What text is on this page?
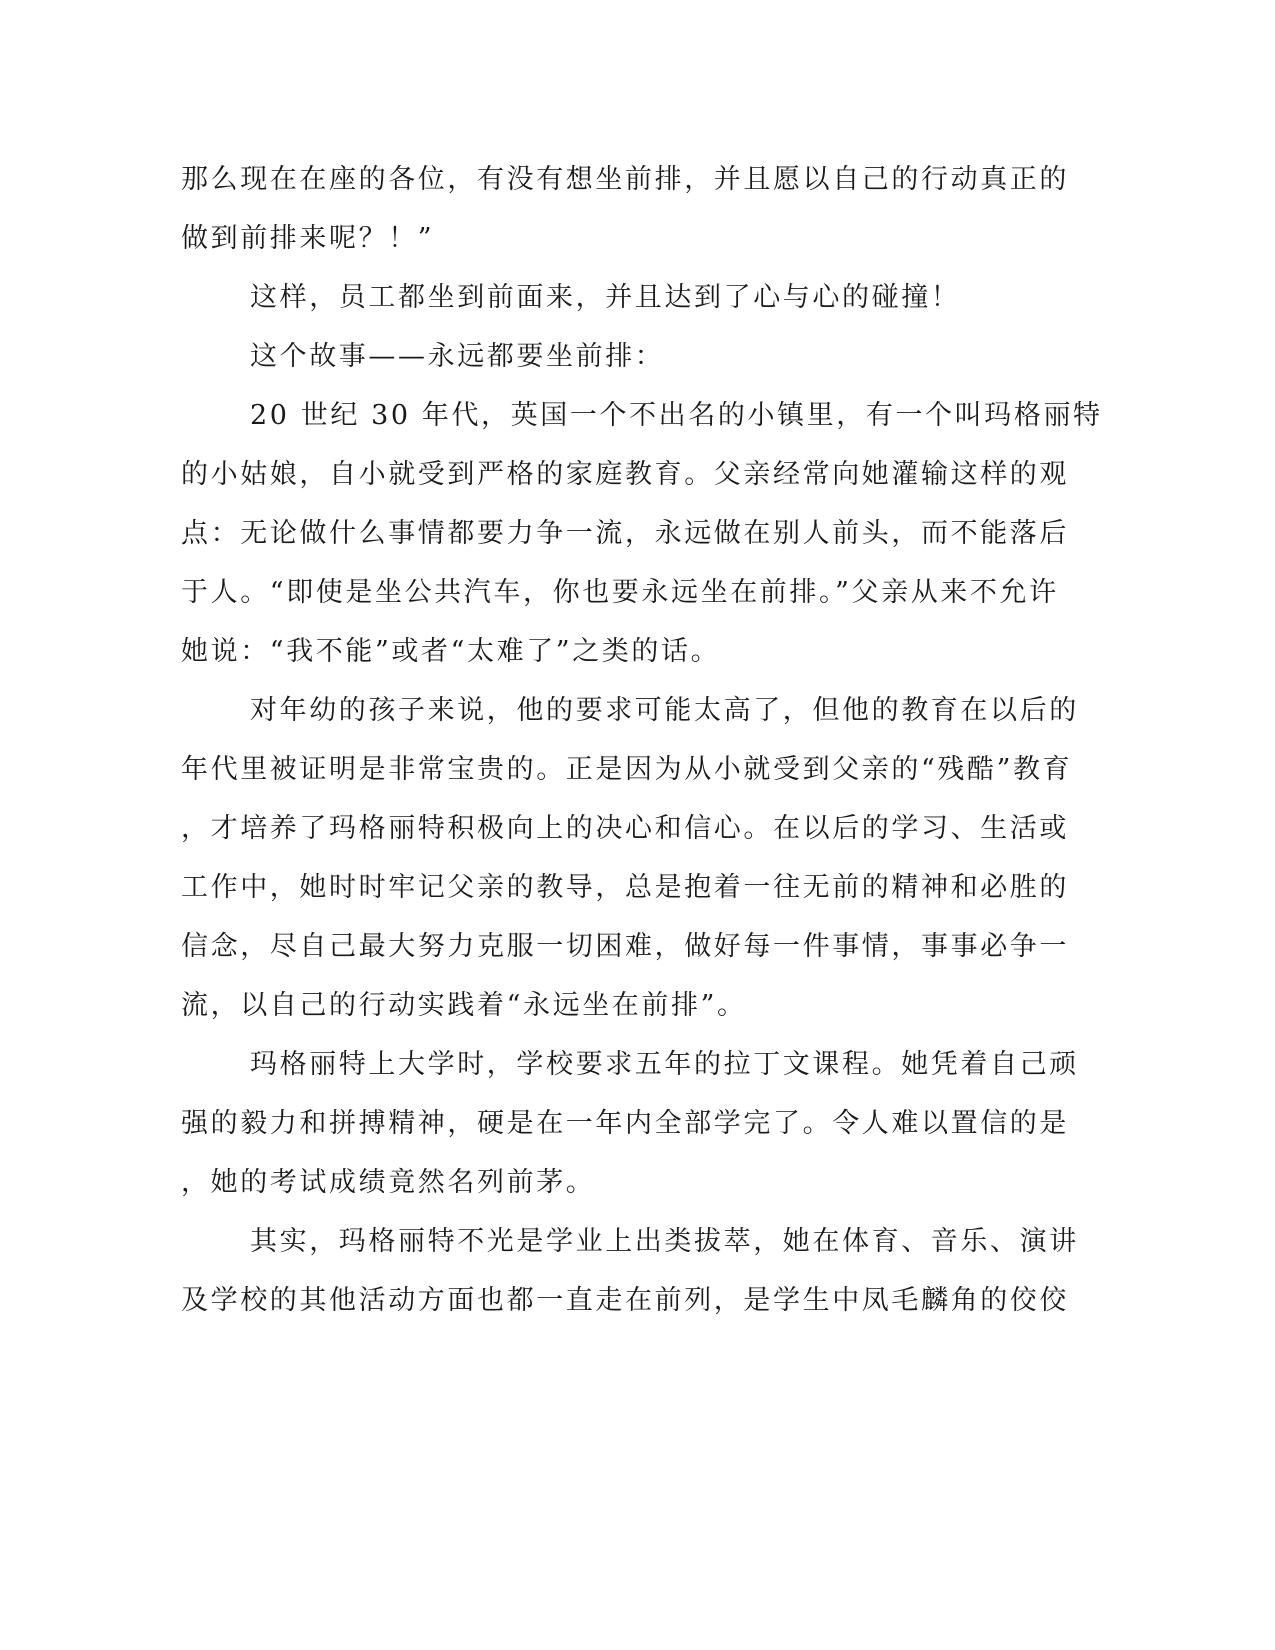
那么现在在座的各位，有没有想坐前排，并且愿以自己的行动真正的
做到前排来呢？！”
这样，员工都坐到前面来，并且达到了心与心的碰撞！
这个故事——永远都要坐前排：
20 世纪 30 年代，英国一个不出名的小镇里，有一个叫玛格丽特
的小姑娘，自小就受到严格的家庭教育。父亲经常向她灌输这样的观
点：无论做什么事情都要力争一流，永远做在别人前头，而不能落后
于人。“即使是坐公共汽车，你也要永远坐在前排。”父亲从来不允许
她说：“我不能”或者“太难了”之类的话。
对年幼的孩子来说，他的要求可能太高了，但他的教育在以后的
年代里被证明是非常宝贵的。正是因为从小就受到父亲的“残酷”教育
，才培养了玛格丽特积极向上的决心和信心。在以后的学习、生活或
工作中，她时时牢记父亲的教导，总是抱着一往无前的精神和必胜的
信念，尽自己最大努力克服一切困难，做好每一件事情，事事必争一
流，以自己的行动实践着“永远坐在前排”。
玛格丽特上大学时，学校要求五年的拉丁文课程。她凭着自己顽
强的毅力和拼搏精神，硬是在一年内全部学完了。令人难以置信的是
，她的考试成绩竟然名列前茅。
其实，玛格丽特不光是学业上出类拔萃，她在体育、音乐、演讲
及学校的其他活动方面也都一直走在前列，是学生中凤毛麟角的佼佼
